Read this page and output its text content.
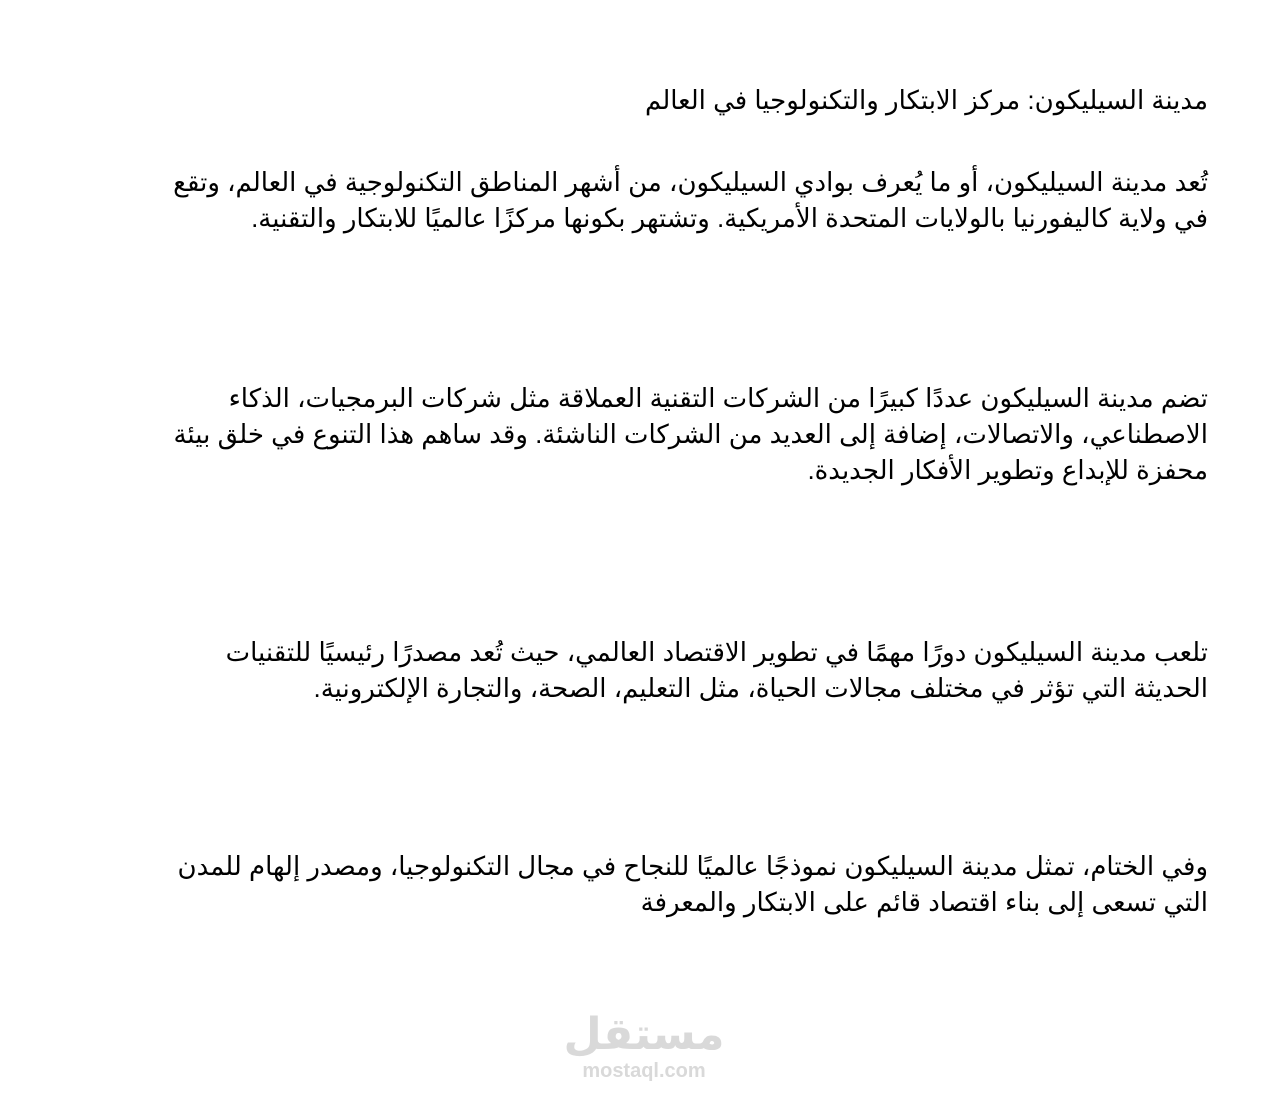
مدينة السيليكون: مركز الابتكار والتكنولوجيا في العالم

تُعد مدينة السيليكون، أو ما يُعرف بوادي السيليكون، من أشهر المناطق التكنولوجية في العالم، وتقع
في ولاية كاليفورنيا بالولايات المتحدة الأمريكية. وتشتهر بكونها مركزًا عالميًا للابتكار والتقنية.

تضم مدينة السيليكون عددًا كبيرًا من الشركات التقنية العملاقة مثل شركات البرمجيات، الذكاء
الاصطناعي، والاتصالات، إضافة إلى العديد من الشركات الناشئة. وقد ساهم هذا التنوع في خلق بيئة
محفزة للإبداع وتطوير الأفكار الجديدة.

تلعب مدينة السيليكون دورًا مهمًا في تطوير الاقتصاد العالمي، حيث تُعد مصدرًا رئيسيًا للتقنيات
الحديثة التي تؤثر في مختلف مجالات الحياة، مثل التعليم، الصحة، والتجارة الإلكترونية.

وفي الختام، تمثل مدينة السيليكون نموذجًا عالميًا للنجاح في مجال التكنولوجيا، ومصدر إلهام للمدن
التي تسعى إلى بناء اقتصاد قائم على الابتكار والمعرفة

مستقل
mostaql.com
